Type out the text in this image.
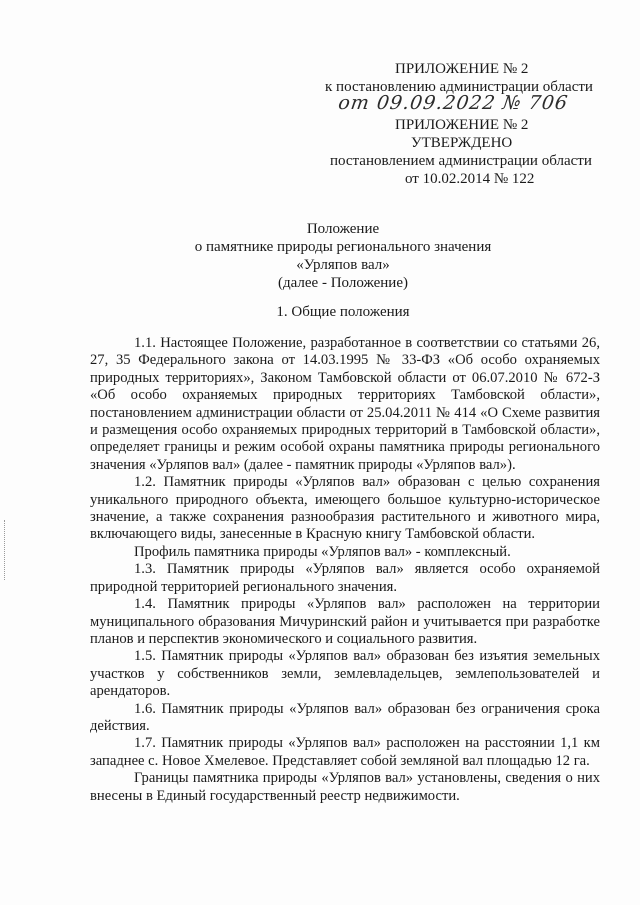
ПРИЛОЖЕНИЕ № 2
к постановлению администрации области
от 09.09.2022 № 706
ПРИЛОЖЕНИЕ № 2
УТВЕРЖДЕНО
постановлением администрации области
от 10.02.2014 № 122
Положение
о памятнике природы регионального значения
«Урляпов вал»
(далее - Положение)
1. Общие положения

1.1. Настоящее Положение, разработанное в соответствии со статьями 26, 27, 35 Федерального закона от 14.03.1995 № 33-ФЗ «Об особо охраняемых природных территориях», Законом Тамбовской области от 06.07.2010 № 672-З «Об особо охраняемых природных территориях Тамбовской области», постановлением администрации области от 25.04.2011 № 414 «О Схеме развития и размещения особо охраняемых природных территорий в Тамбовской области», определяет границы и режим особой охраны памятника природы регионального значения «Урляпов вал» (далее - памятник природы «Урляпов вал»).

1.2. Памятник природы «Урляпов вал» образован с целью сохранения уникального природного объекта, имеющего большое культурно-историческое значение, а также сохранения разнообразия растительного и животного мира, включающего виды, занесенные в Красную книгу Тамбовской области.

Профиль памятника природы «Урляпов вал» - комплексный.

1.3. Памятник природы «Урляпов вал» является особо охраняемой природной территорией регионального значения.

1.4. Памятник природы «Урляпов вал» расположен на территории муниципального образования Мичуринский район и учитывается при разработке планов и перспектив экономического и социального развития.

1.5. Памятник природы «Урляпов вал» образован без изъятия земельных участков у собственников земли, землевладельцев, землепользователей и арендаторов.

1.6. Памятник природы «Урляпов вал» образован без ограничения срока действия.

1.7. Памятник природы «Урляпов вал» расположен на расстоянии 1,1 км западнее с. Новое Хмелевое. Представляет собой земляной вал площадью 12 га.

Границы памятника природы «Урляпов вал» установлены, сведения о них внесены в Единый государственный реестр недвижимости.
